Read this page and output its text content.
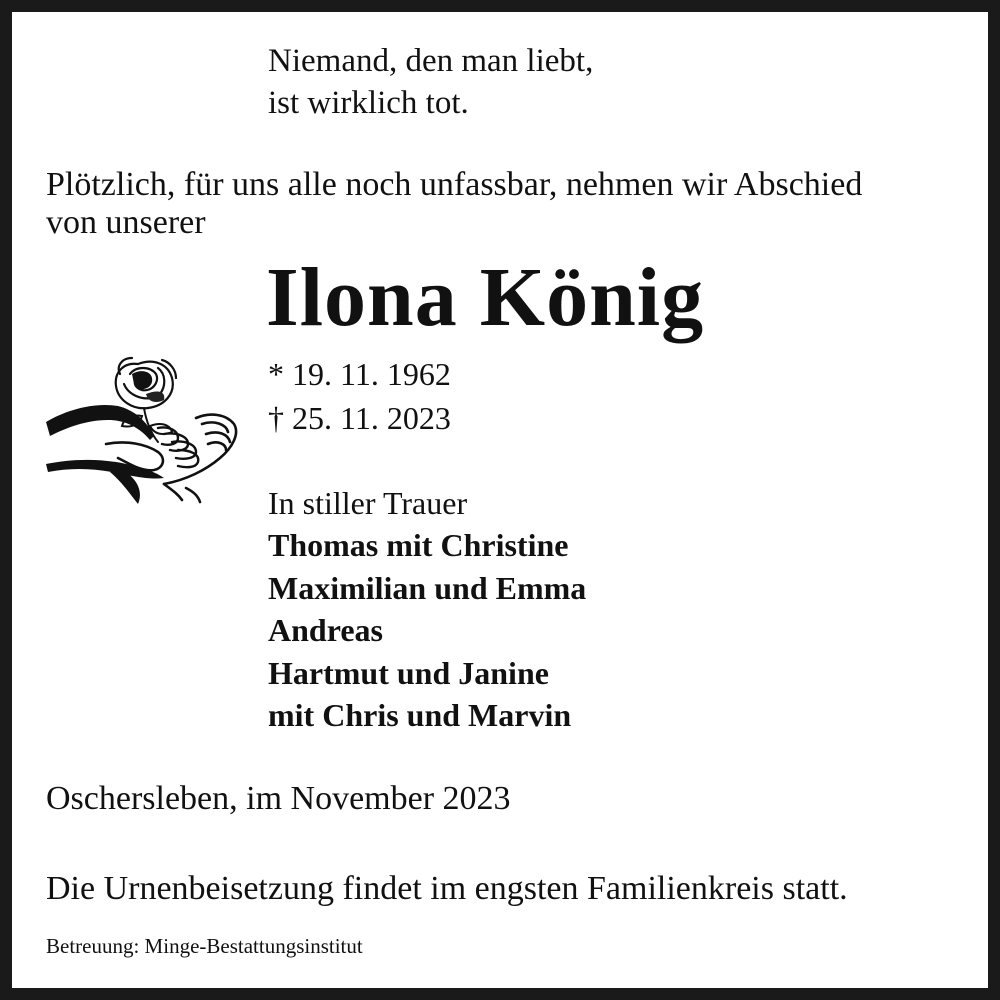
Niemand, den man liebt,
ist wirklich tot.
Plötzlich, für uns alle noch unfassbar, nehmen wir Abschied
von unserer
Ilona König
* 19. 11. 1962
† 25. 11. 2023
In stiller Trauer
Thomas mit Christine
Maximilian und Emma
Andreas
Hartmut und Janine
mit Chris und Marvin
Oschersleben, im November 2023
Die Urnenbeisetzung findet im engsten Familienkreis statt.
Betreuung: Minge-Bestattungsinstitut
